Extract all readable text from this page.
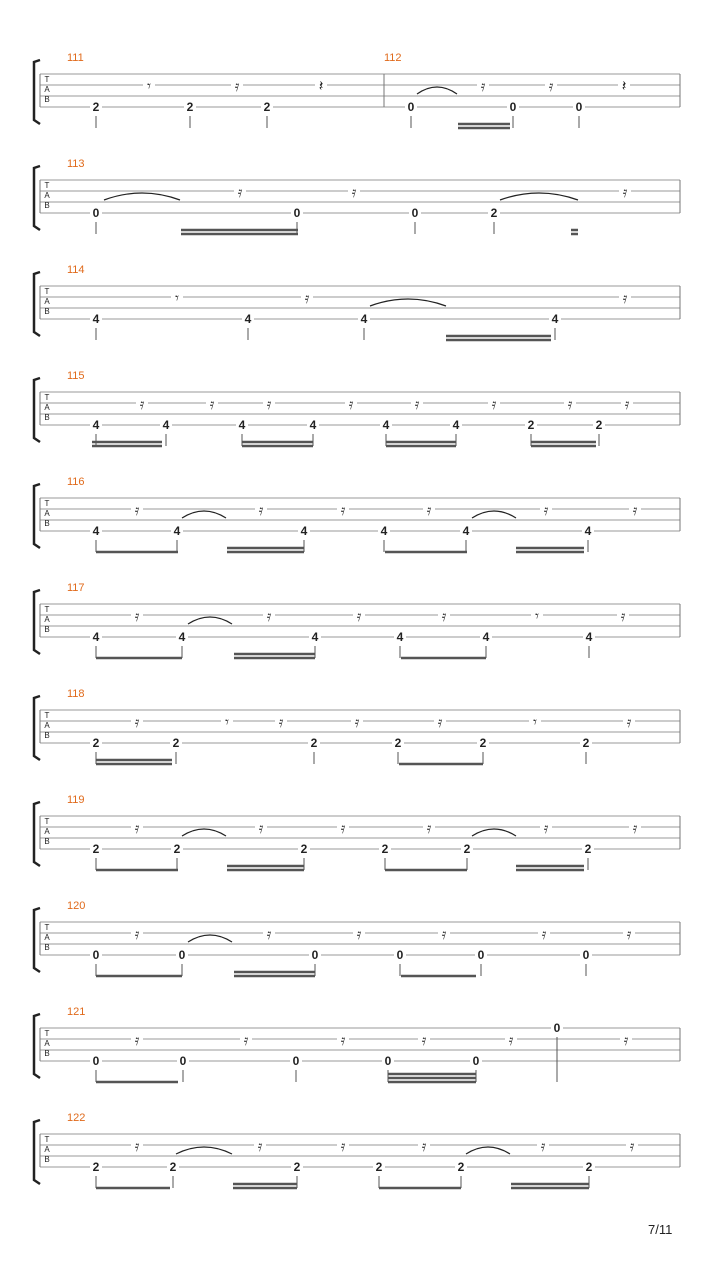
7/11
T
A
B
111	112
2	2	2	0	0	0
𝄾	𝄿	𝄽	𝄿	𝄿	𝄽
T
A
B
113
0	0	0	2
𝄿	𝄿	𝄿
T
A
B
114
4	4	4	4
𝄾	𝄿	𝄿
T
A
B
115
4	4	4	4	4	4	2	2
𝄿	𝄿	𝄿	𝄿	𝄿	𝄿	𝄿	𝄿
T
A
B
116
4	4	4	4	4	4
𝄿	𝄿	𝄿	𝄿	𝄿	𝄿
T
A
B
117
4	4	4	4	4	4
𝄿	𝄿	𝄿	𝄿	𝄾	𝄿
T
A
B
118
2	2	2	2	2	2
𝄿	𝄾	𝄿	𝄿	𝄿	𝄾	𝄿
T
A
B
119
2	2	2	2	2	2
𝄿	𝄿	𝄿	𝄿	𝄿	𝄿
T
A
B
120
0	0	0	0	0	0
𝄿	𝄿	𝄿	𝄿	𝄿	𝄿
T
A
B
121
0	0	0	0	0
0
𝄿	𝄿	𝄿	𝄿	𝄿	𝄿
T
A
B
122
2	2	2	2	2	2
𝄿	𝄿	𝄿	𝄿	𝄿	𝄿
